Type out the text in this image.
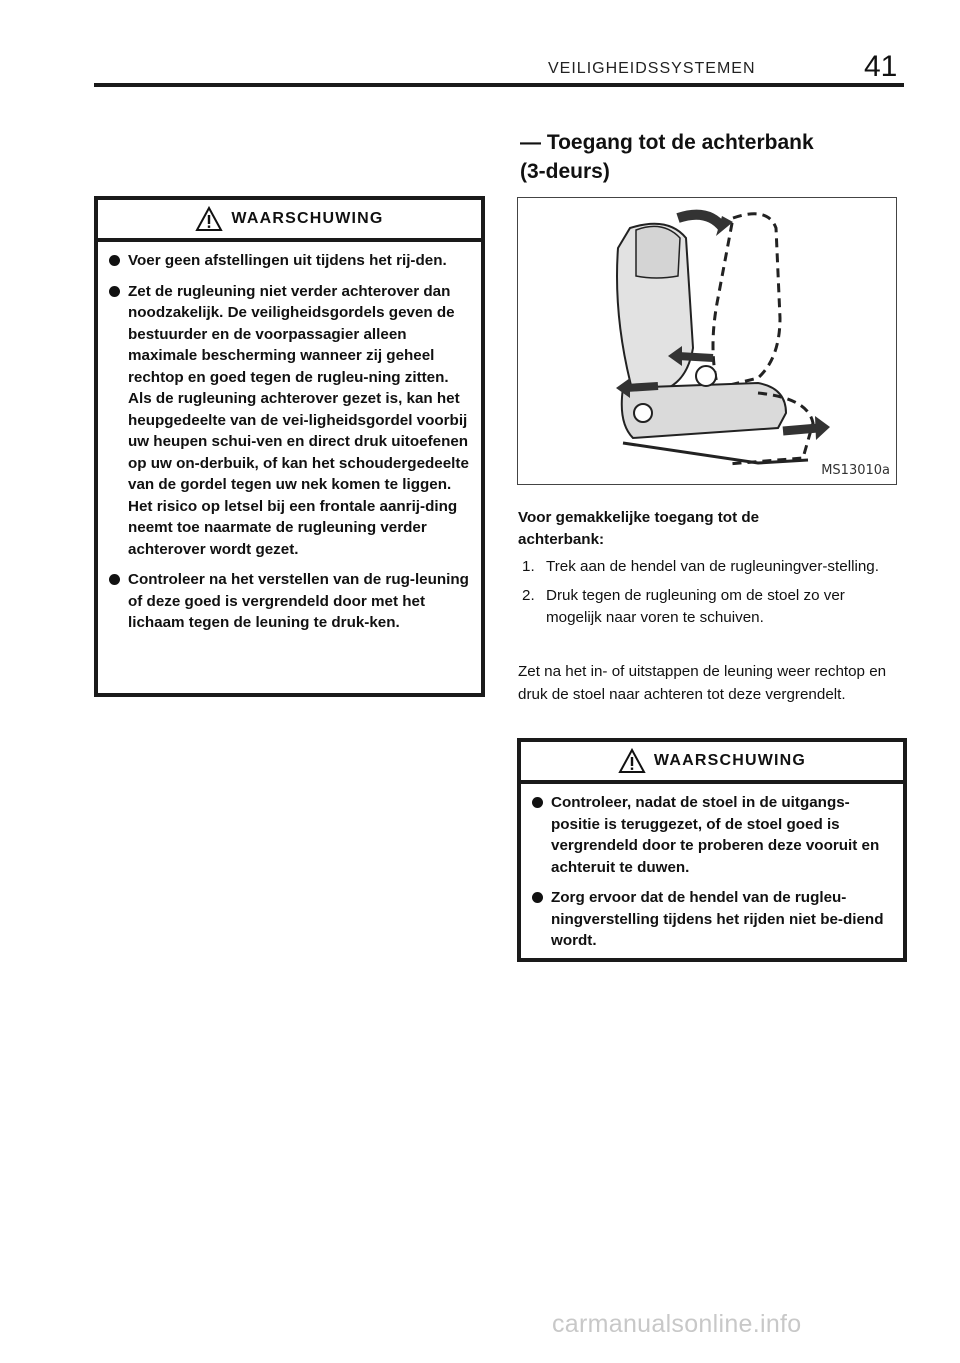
VEILIGHEIDSSYSTEMEN	41
WAARSCHUWING
Voer geen afstellingen uit tijdens het rij-den.
Zet de rugleuning niet verder achterover dan noodzakelijk. De veiligheidsgordels geven de bestuurder en de voorpassagier alleen maximale bescherming wanneer zij geheel rechtop en goed tegen de rugleu-ning zitten. Als de rugleuning achterover gezet is, kan het heupgedeelte van de vei-ligheidsgordel voorbij uw heupen schui-ven en direct druk uitoefenen op uw on-derbuik, of kan het schoudergedeelte van de gordel tegen uw nek komen te liggen. Het risico op letsel bij een frontale aanrij-ding neemt toe naarmate de rugleuning verder achterover wordt gezet.
Controleer na het verstellen van de rug-leuning of deze goed is vergrendeld door met het lichaam tegen de leuning te druk-ken.
— Toegang tot de achterbank
(3-deurs)
MS13010a
Voor gemakkelijke toegang tot de achterbank:
1. Trek aan de hendel van de rugleuningver-stelling.
2. Druk tegen de rugleuning om de stoel zo ver mogelijk naar voren te schuiven.
Zet na het in- of uitstappen de leuning weer rechtop en druk de stoel naar achteren tot deze vergrendelt.
WAARSCHUWING
Controleer, nadat de stoel in de uitgangs-positie is teruggezet, of de stoel goed is vergrendeld door te proberen deze vooruit en achteruit te duwen.
Zorg ervoor dat de hendel van de rugleu-ningverstelling tijdens het rijden niet be-diend wordt.
carmanualsonline.info
